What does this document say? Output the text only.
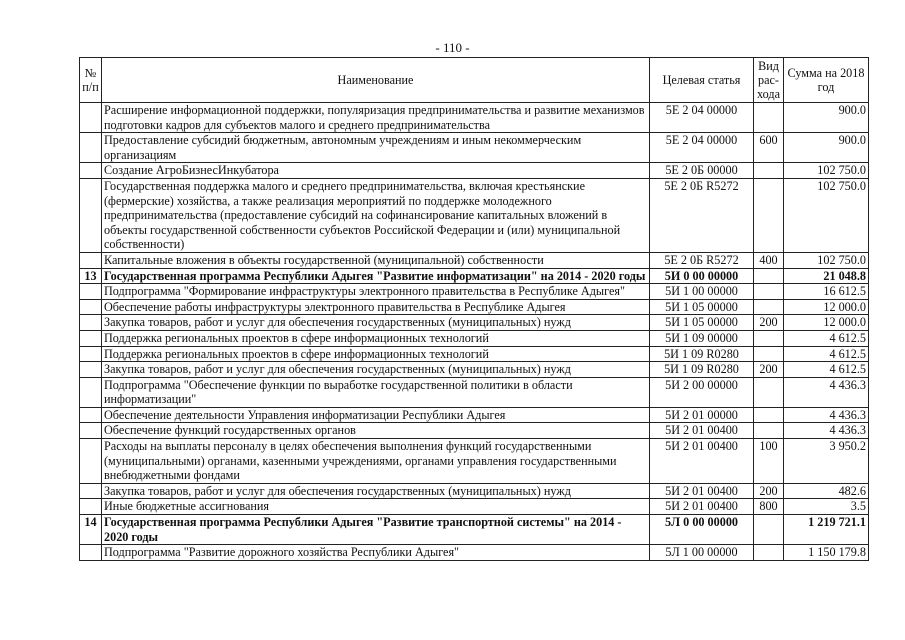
- 110 -
№ п/п	Наименование	Целевая статья	Вид рас-хода	Сумма на 2018 год
	Расширение информационной поддержки, популяризация предпринимательства и развитие механизмов подготовки кадров для субъектов малого и среднего предпринимательства	5Е 2 04 00000		900.0
	Предоставление субсидий бюджетным, автономным учреждениям и иным некоммерческим организациям	5Е 2 04 00000	600	900.0
	Создание АгроБизнесИнкубатора	5Е 2 0Б 00000		102 750.0
	Государственная поддержка малого и среднего предпринимательства, включая крестьянские (фермерские) хозяйства, а также реализация мероприятий по поддержке молодежного предпринимательства (предоставление субсидий на софинансирование капитальных вложений в объекты государственной собственности субъектов Российской Федерации и (или) муниципальной собственности)	5Е 2 0Б R5272		102 750.0
	Капитальные вложения в объекты государственной (муниципальной) собственности	5Е 2 0Б R5272	400	102 750.0
13	Государственная программа Республики Адыгея "Развитие информатизации" на 2014 - 2020 годы	5И 0 00 00000		21 048.8
	Подпрограмма "Формирование инфраструктуры электронного правительства в Республике Адыгея"	5И 1 00 00000		16 612.5
	Обеспечение работы инфраструктуры электронного правительства в Республике Адыгея	5И 1 05 00000		12 000.0
	Закупка товаров, работ и услуг для обеспечения государственных (муниципальных) нужд	5И 1 05 00000	200	12 000.0
	Поддержка региональных проектов в сфере информационных технологий	5И 1 09 00000		4 612.5
	Поддержка региональных проектов в сфере информационных технологий	5И 1 09 R0280		4 612.5
	Закупка товаров, работ и услуг для обеспечения государственных (муниципальных) нужд	5И 1 09 R0280	200	4 612.5
	Подпрограмма "Обеспечение функции по выработке государственной политики в области информатизации"	5И 2 00 00000		4 436.3
	Обеспечение деятельности Управления информатизации Республики Адыгея	5И 2 01 00000		4 436.3
	Обеспечение функций государственных органов	5И 2 01 00400		4 436.3
	Расходы на выплаты персоналу в целях обеспечения выполнения функций государственными (муниципальными) органами, казенными учреждениями, органами управления государственными внебюджетными фондами	5И 2 01 00400	100	3 950.2
	Закупка товаров, работ и услуг для обеспечения государственных (муниципальных) нужд	5И 2 01 00400	200	482.6
	Иные бюджетные ассигнования	5И 2 01 00400	800	3.5
14	Государственная программа Республики Адыгея "Развитие транспортной системы" на 2014 - 2020 годы	5Л 0 00 00000		1 219 721.1
	Подпрограмма "Развитие дорожного хозяйства Республики Адыгея"	5Л 1 00 00000		1 150 179.8
